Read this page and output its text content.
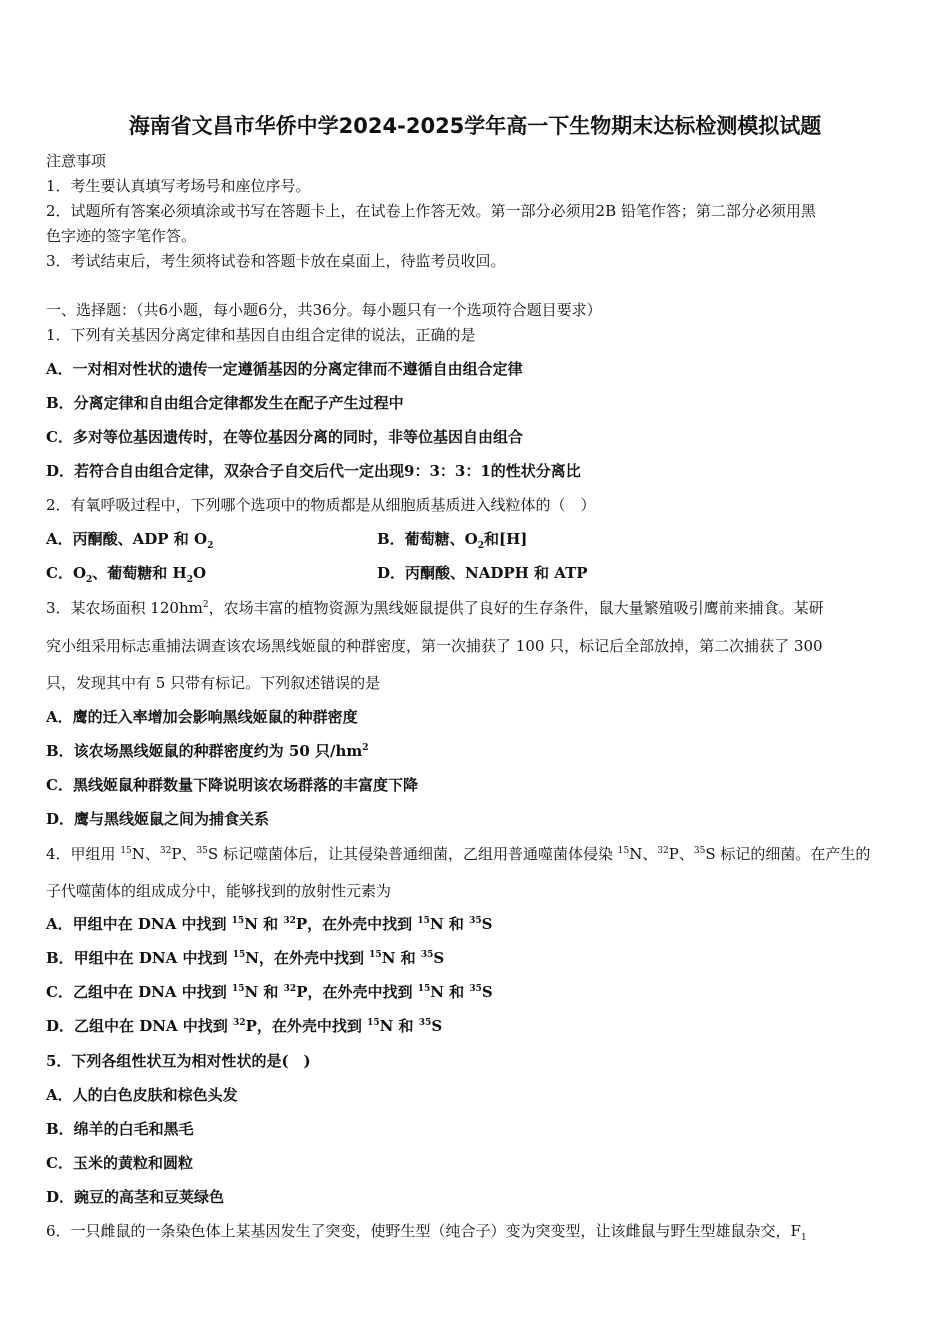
海南省文昌市华侨中学2024-2025学年高一下生物期末达标检测模拟试题
注意事项
1．考生要认真填写考场号和座位序号。
2．试题所有答案必须填涂或书写在答题卡上，在试卷上作答无效。第一部分必须用2B 铅笔作答；第二部分必须用黑
色字迹的签字笔作答。
3．考试结束后，考生须将试卷和答题卡放在桌面上，待监考员收回。
一、选择题：（共6小题，每小题6分，共36分。每小题只有一个选项符合题目要求）
1．下列有关基因分离定律和基因自由组合定律的说法，正确的是
A．一对相对性状的遗传一定遵循基因的分离定律而不遵循自由组合定律
B．分离定律和自由组合定律都发生在配子产生过程中
C．多对等位基因遗传时，在等位基因分离的同时，非等位基因自由组合
D．若符合自由组合定律，双杂合子自交后代一定出现9：3：3：1的性状分离比
2．有氧呼吸过程中，下列哪个选项中的物质都是从细胞质基质进入线粒体的（　）
A．丙酮酸、ADP 和 $O_2$	B．葡萄糖、$O_2$和[H]
C．$O_2$、葡萄糖和 $H_2O$	D．丙酮酸、NADPH 和 ATP
3．某农场面积 $120hm^2$，农场丰富的植物资源为黑线姬鼠提供了良好的生存条件，鼠大量繁殖吸引鹰前来捕食。某研
究小组采用标志重捕法调查该农场黑线姬鼠的种群密度，第一次捕获了 100 只，标记后全部放掉，第二次捕获了 300
只，发现其中有 5 只带有标记。下列叙述错误的是
A．鹰的迁入率增加会影响黑线姬鼠的种群密度
B．该农场黑线姬鼠的种群密度约为 50 只$/hm^2$
C．黑线姬鼠种群数量下降说明该农场群落的丰富度下降
D．鹰与黑线姬鼠之间为捕食关系
4．甲组用 $^{15}$N、$^{32}$P、$^{35}$S 标记噬菌体后，让其侵染普通细菌，乙组用普通噬菌体侵染 $^{15}$N、$^{32}$P、$^{35}$S 标记的细菌。在产生的
子代噬菌体的组成成分中，能够找到的放射性元素为
A．甲组中在 DNA 中找到 $^{15}$N 和 $^{32}$P，在外壳中找到 $^{15}$N 和 $^{35}$S
B．甲组中在 DNA 中找到 $^{15}$N，在外壳中找到 $^{15}$N 和 $^{35}$S
C．乙组中在 DNA 中找到 $^{15}$N 和 $^{32}$P，在外壳中找到 $^{15}$N 和 $^{35}$S
D．乙组中在 DNA 中找到 $^{32}$P，在外壳中找到 $^{15}$N 和 $^{35}$S
5．下列各组性状互为相对性状的是(　)
A．人的白色皮肤和棕色头发
B．绵羊的白毛和黑毛
C．玉米的黄粒和圆粒
D．豌豆的高茎和豆荚绿色
6．一只雌鼠的一条染色体上某基因发生了突变，使野生型（纯合子）变为突变型，让该雌鼠与野生型雄鼠杂交，$F_1$
